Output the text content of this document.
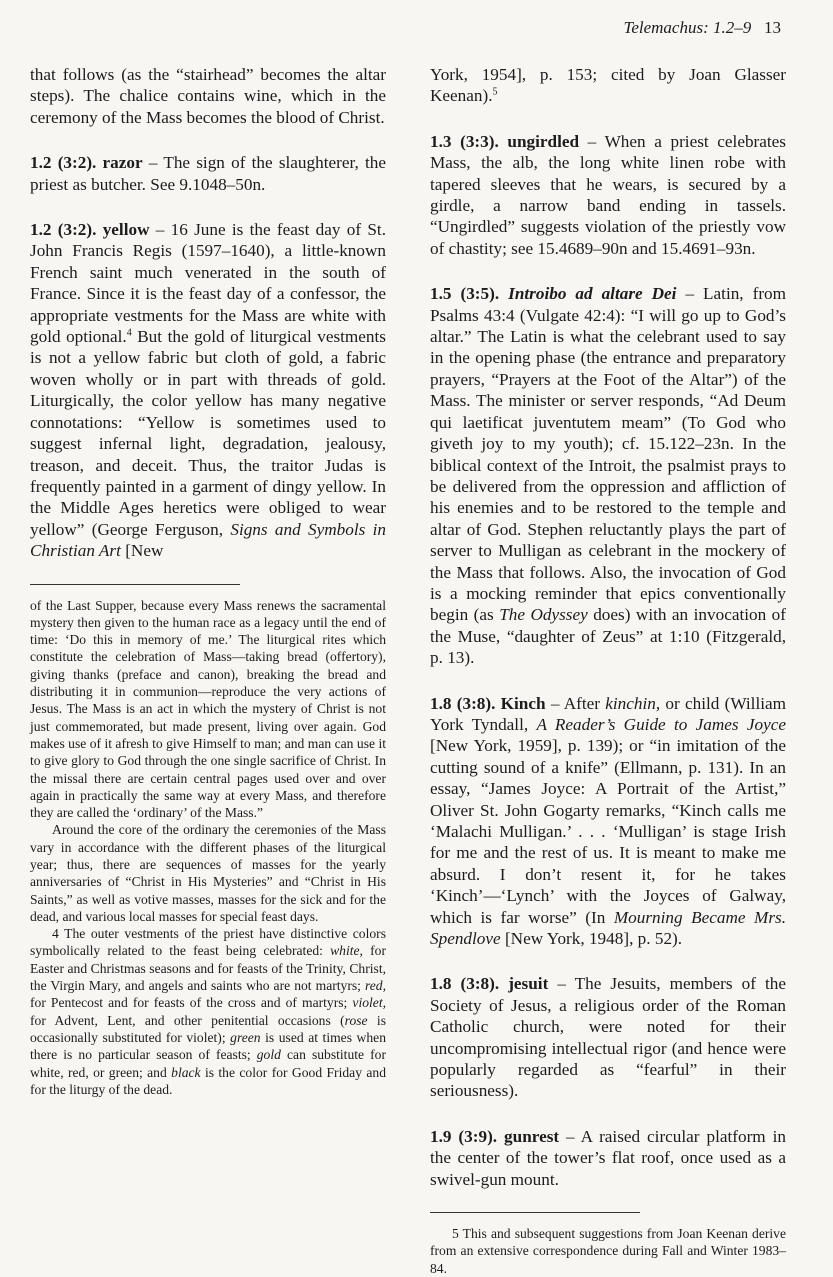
Telemachus: 1.2–9 13

that follows (as the “stairhead” becomes the altar steps). The chalice contains wine, which in the ceremony of the Mass becomes the blood of Christ.

1.2 (3:2). razor – The sign of the slaughterer, the priest as butcher. See 9.1048–50n.

1.2 (3:2). yellow – 16 June is the feast day of St. John Francis Regis (1597–1640), a little-known French saint much venerated in the south of France. Since it is the feast day of a confessor, the appropriate vestments for the Mass are white with gold optional.$^4$ But the gold of liturgical vestments is not a yellow fabric but cloth of gold, a fabric woven wholly or in part with threads of gold. Liturgically, the color yellow has many negative connotations: “Yellow is sometimes used to suggest infernal light, degradation, jealousy, treason, and deceit. Thus, the traitor Judas is frequently painted in a garment of dingy yellow. In the Middle Ages heretics were obliged to wear yellow” (George Ferguson, Signs and Symbols in Christian Art [New

of the Last Supper, because every Mass renews the sacramental mystery then given to the human race as a legacy until the end of time: ‘Do this in memory of me.’ The liturgical rites which constitute the celebration of Mass—taking bread (offertory), giving thanks (preface and canon), breaking the bread and distributing it in communion—reproduce the very actions of Jesus. The Mass is an act in which the mystery of Christ is not just commemorated, but made present, living over again. God makes use of it afresh to give Himself to man; and man can use it to give glory to God through the one single sacrifice of Christ. In the missal there are certain central pages used over and over again in practically the same way at every Mass, and therefore they are called the ‘ordinary’ of the Mass.”

Around the core of the ordinary the ceremonies of the Mass vary in accordance with the different phases of the liturgical year; thus, there are sequences of masses for the yearly anniversaries of “Christ in His Mysteries” and “Christ in His Saints,” as well as votive masses, masses for the sick and for the dead, and various local masses for special feast days.

4 The outer vestments of the priest have distinctive colors symbolically related to the feast being celebrated: white, for Easter and Christmas seasons and for feasts of the Trinity, Christ, the Virgin Mary, and angels and saints who are not martyrs; red, for Pentecost and for feasts of the cross and of martyrs; violet, for Advent, Lent, and other penitential occasions (rose is occasionally substituted for violet); green is used at times when there is no particular season of feasts; gold can substitute for white, red, or green; and black is the color for Good Friday and for the liturgy of the dead.

York, 1954], p. 153; cited by Joan Glasser Keenan).$^5$

1.3 (3:3). ungirdled – When a priest celebrates Mass, the alb, the long white linen robe with tapered sleeves that he wears, is secured by a girdle, a narrow band ending in tassels. “Ungirdled” suggests violation of the priestly vow of chastity; see 15.4689–90n and 15.4691–93n.

1.5 (3:5). Introibo ad altare Dei – Latin, from Psalms 43:4 (Vulgate 42:4): “I will go up to God’s altar.” The Latin is what the celebrant used to say in the opening phase (the entrance and preparatory prayers, “Prayers at the Foot of the Altar”) of the Mass. The minister or server responds, “Ad Deum qui laetificat juventutem meam” (To God who giveth joy to my youth); cf. 15.122–23n. In the biblical context of the Introit, the psalmist prays to be delivered from the oppression and affliction of his enemies and to be restored to the temple and altar of God. Stephen reluctantly plays the part of server to Mulligan as celebrant in the mockery of the Mass that follows. Also, the invocation of God is a mocking reminder that epics conventionally begin (as The Odyssey does) with an invocation of the Muse, “daughter of Zeus” at 1:10 (Fitzgerald, p. 13).

1.8 (3:8). Kinch – After kinchin, or child (William York Tyndall, A Reader’s Guide to James Joyce [New York, 1959], p. 139); or “in imitation of the cutting sound of a knife” (Ellmann, p. 131). In an essay, “James Joyce: A Portrait of the Artist,” Oliver St. John Gogarty remarks, “Kinch calls me ‘Malachi Mulligan.’ . . . ‘Mulligan’ is stage Irish for me and the rest of us. It is meant to make me absurd. I don’t resent it, for he takes ‘Kinch’—‘Lynch’ with the Joyces of Galway, which is far worse” (In Mourning Became Mrs. Spendlove [New York, 1948], p. 52).

1.8 (3:8). jesuit – The Jesuits, members of the Society of Jesus, a religious order of the Roman Catholic church, were noted for their uncompromising intellectual rigor (and hence were popularly regarded as “fearful” in their seriousness).

1.9 (3:9). gunrest – A raised circular platform in the center of the tower’s flat roof, once used as a swivel-gun mount.

5 This and subsequent suggestions from Joan Keenan derive from an extensive correspondence during Fall and Winter 1983–84.
